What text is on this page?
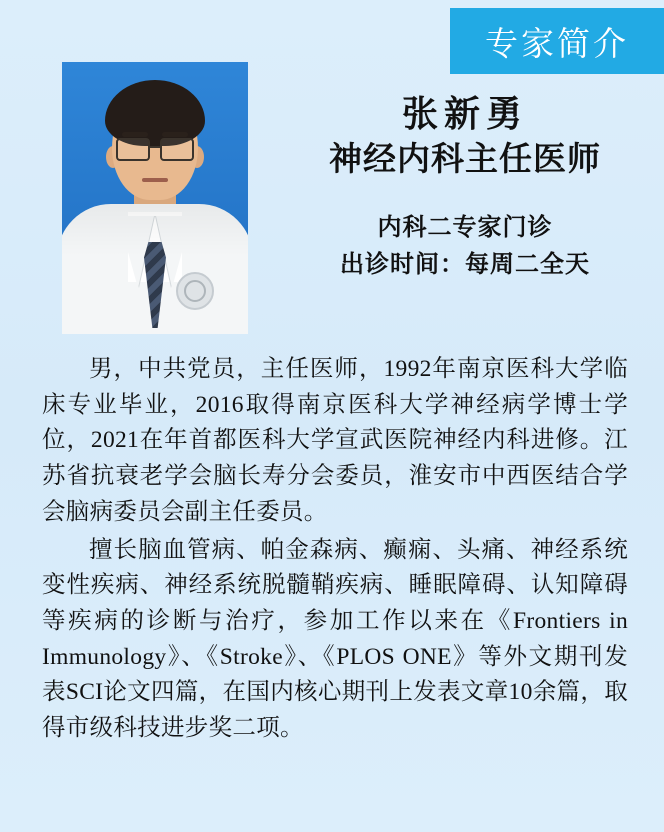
专家简介
张新勇
神经内科主任医师
内科二专家门诊
出诊时间：每周二全天

男，中共党员，主任医师，1992年南京医科大学临床专业毕业，2016取得南京医科大学神经病学博士学位，2021在年首都医科大学宣武医院神经内科进修。江苏省抗衰老学会脑长寿分会委员，淮安市中西医结合学会脑病委员会副主任委员。

擅长脑血管病、帕金森病、癫痫、头痛、神经系统变性疾病、神经系统脱髓鞘疾病、睡眠障碍、认知障碍等疾病的诊断与治疗，参加工作以来在《Frontiers in Immunology》、《Stroke》、《PLOS ONE》等外文期刊发表SCI论文四篇，在国内核心期刊上发表文章10余篇，取得市级科技进步奖二项。
